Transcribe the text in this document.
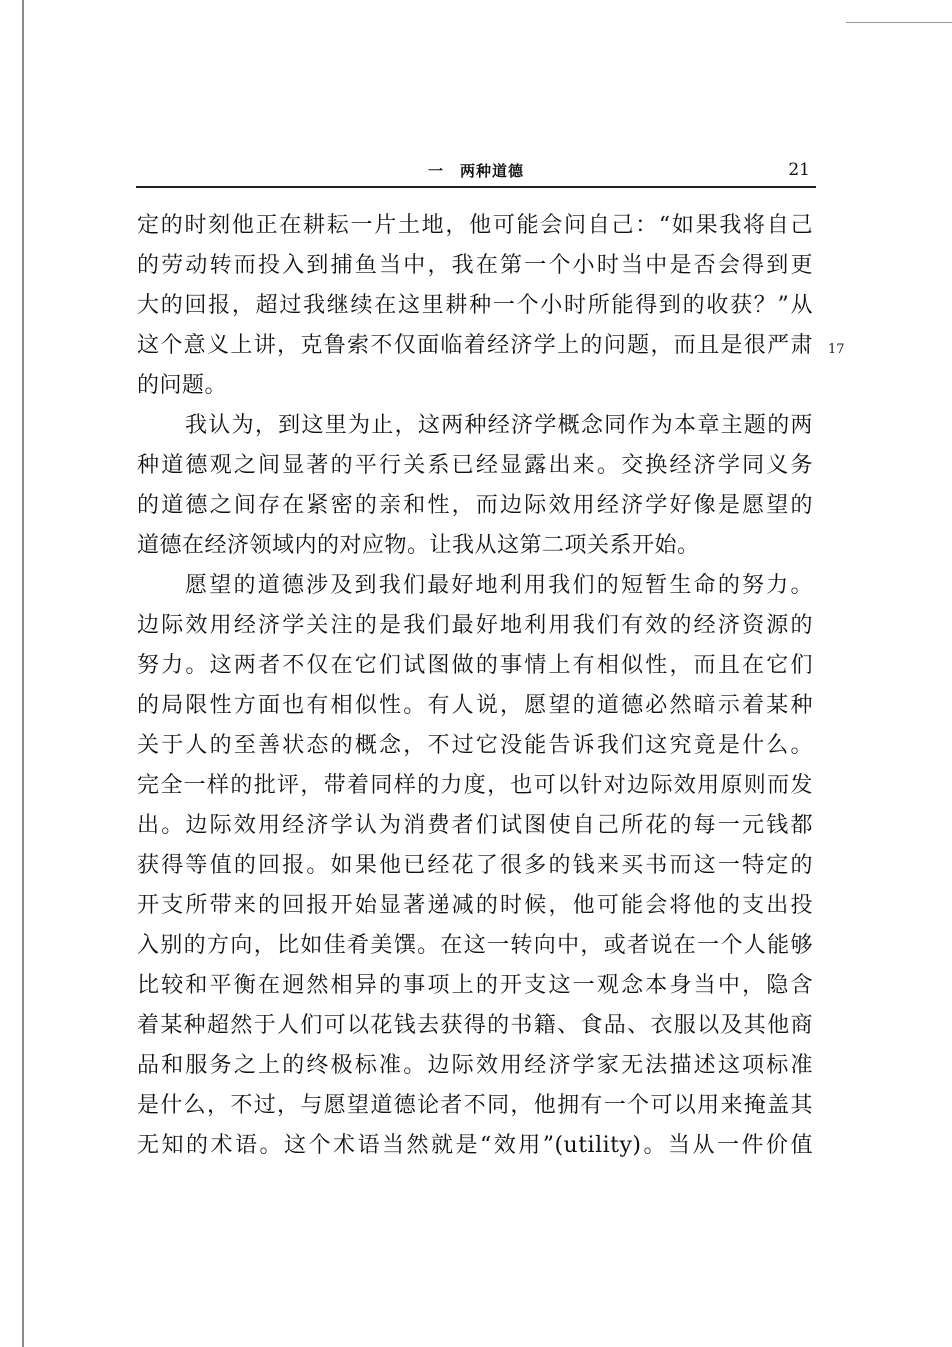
一　两种道德	21
17
定的时刻他正在耕耘一片土地，他可能会问自己：“如果我将自己
的劳动转而投入到捕鱼当中，我在第一个小时当中是否会得到更
大的回报，超过我继续在这里耕种一个小时所能得到的收获？”从
这个意义上讲，克鲁索不仅面临着经济学上的问题，而且是很严肃
的问题。
我认为，到这里为止，这两种经济学概念同作为本章主题的两
种道德观之间显著的平行关系已经显露出来。交换经济学同义务
的道德之间存在紧密的亲和性，而边际效用经济学好像是愿望的
道德在经济领域内的对应物。让我从这第二项关系开始。
愿望的道德涉及到我们最好地利用我们的短暂生命的努力。
边际效用经济学关注的是我们最好地利用我们有效的经济资源的
努力。这两者不仅在它们试图做的事情上有相似性，而且在它们
的局限性方面也有相似性。有人说，愿望的道德必然暗示着某种
关于人的至善状态的概念，不过它没能告诉我们这究竟是什么。
完全一样的批评，带着同样的力度，也可以针对边际效用原则而发
出。边际效用经济学认为消费者们试图使自己所花的每一元钱都
获得等值的回报。如果他已经花了很多的钱来买书而这一特定的
开支所带来的回报开始显著递减的时候，他可能会将他的支出投
入别的方向，比如佳肴美馔。在这一转向中，或者说在一个人能够
比较和平衡在迥然相异的事项上的开支这一观念本身当中，隐含
着某种超然于人们可以花钱去获得的书籍、食品、衣服以及其他商
品和服务之上的终极标准。边际效用经济学家无法描述这项标准
是什么，不过，与愿望道德论者不同，他拥有一个可以用来掩盖其
无知的术语。这个术语当然就是“效用”(utility)。当从一件价值
